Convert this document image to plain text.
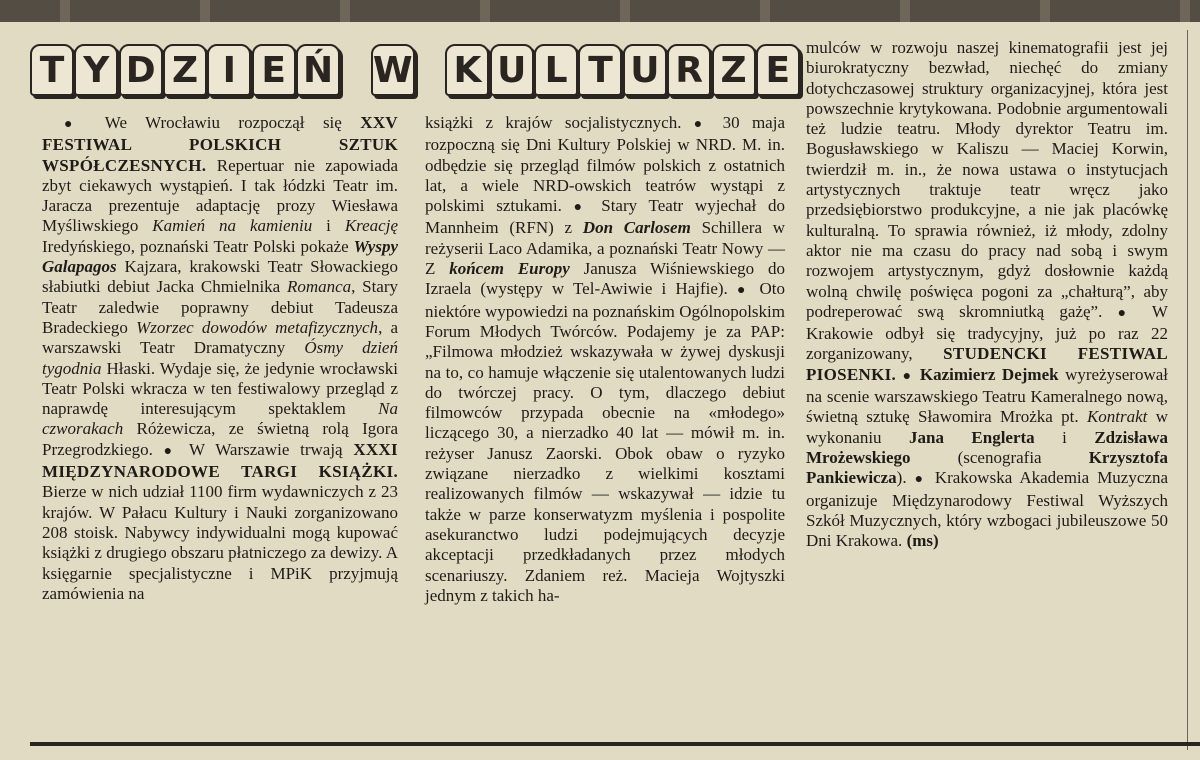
T Y D Z I E Ń W K U L T U R Z E

● We Wrocławiu rozpoczął się XXV FESTIWAL POLSKICH SZTUK WSPÓŁCZESNYCH. Repertuar nie zapowiada zbyt ciekawych wystąpień. I tak łódzki Teatr im. Jaracza prezentuje adaptację prozy Wiesława Myśliwskiego Kamień na kamieniu i Kreację Iredyńskiego, poznański Teatr Polski pokaże Wyspy Galapagos Kajzara, krakowski Teatr Słowackiego słabiutki debiut Jacka Chmielnika Romanca, Stary Teatr zaledwie poprawny debiut Tadeusza Bradeckiego Wzorzec dowodów metafizycznych, a warszawski Teatr Dramatyczny Ósmy dzień tygodnia Hłaski. Wydaje się, że jedynie wrocławski Teatr Polski wkracza w ten festiwalowy przegląd z naprawdę interesującym spektaklem Na czworakach Różewicza, ze świetną rolą Igora Przegrodzkiego. ● W Warszawie trwają XXXI MIĘDZYNARODOWE TARGI KSIĄŻKI. Bierze w nich udział 1100 firm wydawniczych z 23 krajów. W Pałacu Kultury i Nauki zorganizowano 208 stoisk. Nabywcy indywidualni mogą kupować książki z drugiego obszaru płatniczego za dewizy. A księgarnie specjalistyczne i MPiK przyjmują zamówienia na

książki z krajów socjalistycznych. ● 30 maja rozpoczną się Dni Kultury Polskiej w NRD. M. in. odbędzie się przegląd filmów polskich z ostatnich lat, a wiele NRD-owskich teatrów wystąpi z polskimi sztukami. ● Stary Teatr wyjechał do Mannheim (RFN) z Don Carlosem Schillera w reżyserii Laco Adamika, a poznański Teatr Nowy — Z końcem Europy Janusza Wiśniewskiego do Izraela (występy w Tel-Awiwie i Hajfie). ● Oto niektóre wypowiedzi na poznańskim Ogólnopolskim Forum Młodych Twórców. Podajemy je za PAP: „Filmowa młodzież wskazywała w żywej dyskusji na to, co hamuje włączenie się utalentowanych ludzi do twórczej pracy. O tym, dlaczego debiut filmowców przypada obecnie na «młodego» liczącego 30, a nierzadko 40 lat — mówił m. in. reżyser Janusz Zaorski. Obok obaw o ryzyko związane nierzadko z wielkimi kosztami realizowanych filmów — wskazywał — idzie tu także w parze konserwatyzm myślenia i pospolite asekuranctwo ludzi podejmujących decyzje akceptacji przedkładanych przez młodych scenariuszy. Zdaniem reż. Macieja Wojtyszki jednym z takich ha-

mulców w rozwoju naszej kinematografii jest jej biurokratyczny bezwład, niechęć do zmiany dotychczasowej struktury organizacyjnej, która jest powszechnie krytykowana. Podobnie argumentowali też ludzie teatru. Młody dyrektor Teatru im. Bogusławskiego w Kaliszu — Maciej Korwin, twierdził m. in., że nowa ustawa o instytucjach artystycznych traktuje teatr wręcz jako przedsiębiorstwo produkcyjne, a nie jak placówkę kulturalną. To sprawia również, iż młody, zdolny aktor nie ma czasu do pracy nad sobą i swym rozwojem artystycznym, gdyż dosłownie każdą wolną chwilę poświęca pogoni za „chałturą”, aby podreperować swą skromniutką gażę”. ● W Krakowie odbył się tradycyjny, już po raz 22 zorganizowany, STUDENCKI FESTIWAL PIOSENKI. ● Kazimierz Dejmek wyreżyserował na scenie warszawskiego Teatru Kameralnego nową, świetną sztukę Sławomira Mrożka pt. Kontrakt w wykonaniu Jana Englerta i Zdzisława Mrożewskiego (scenografia Krzysztofa Pankiewicza). ● Krakowska Akademia Muzyczna organizuje Międzynarodowy Festiwal Wyższych Szkół Muzycznych, który wzbogaci jubileuszowe 50 Dni Krakowa. (ms)
